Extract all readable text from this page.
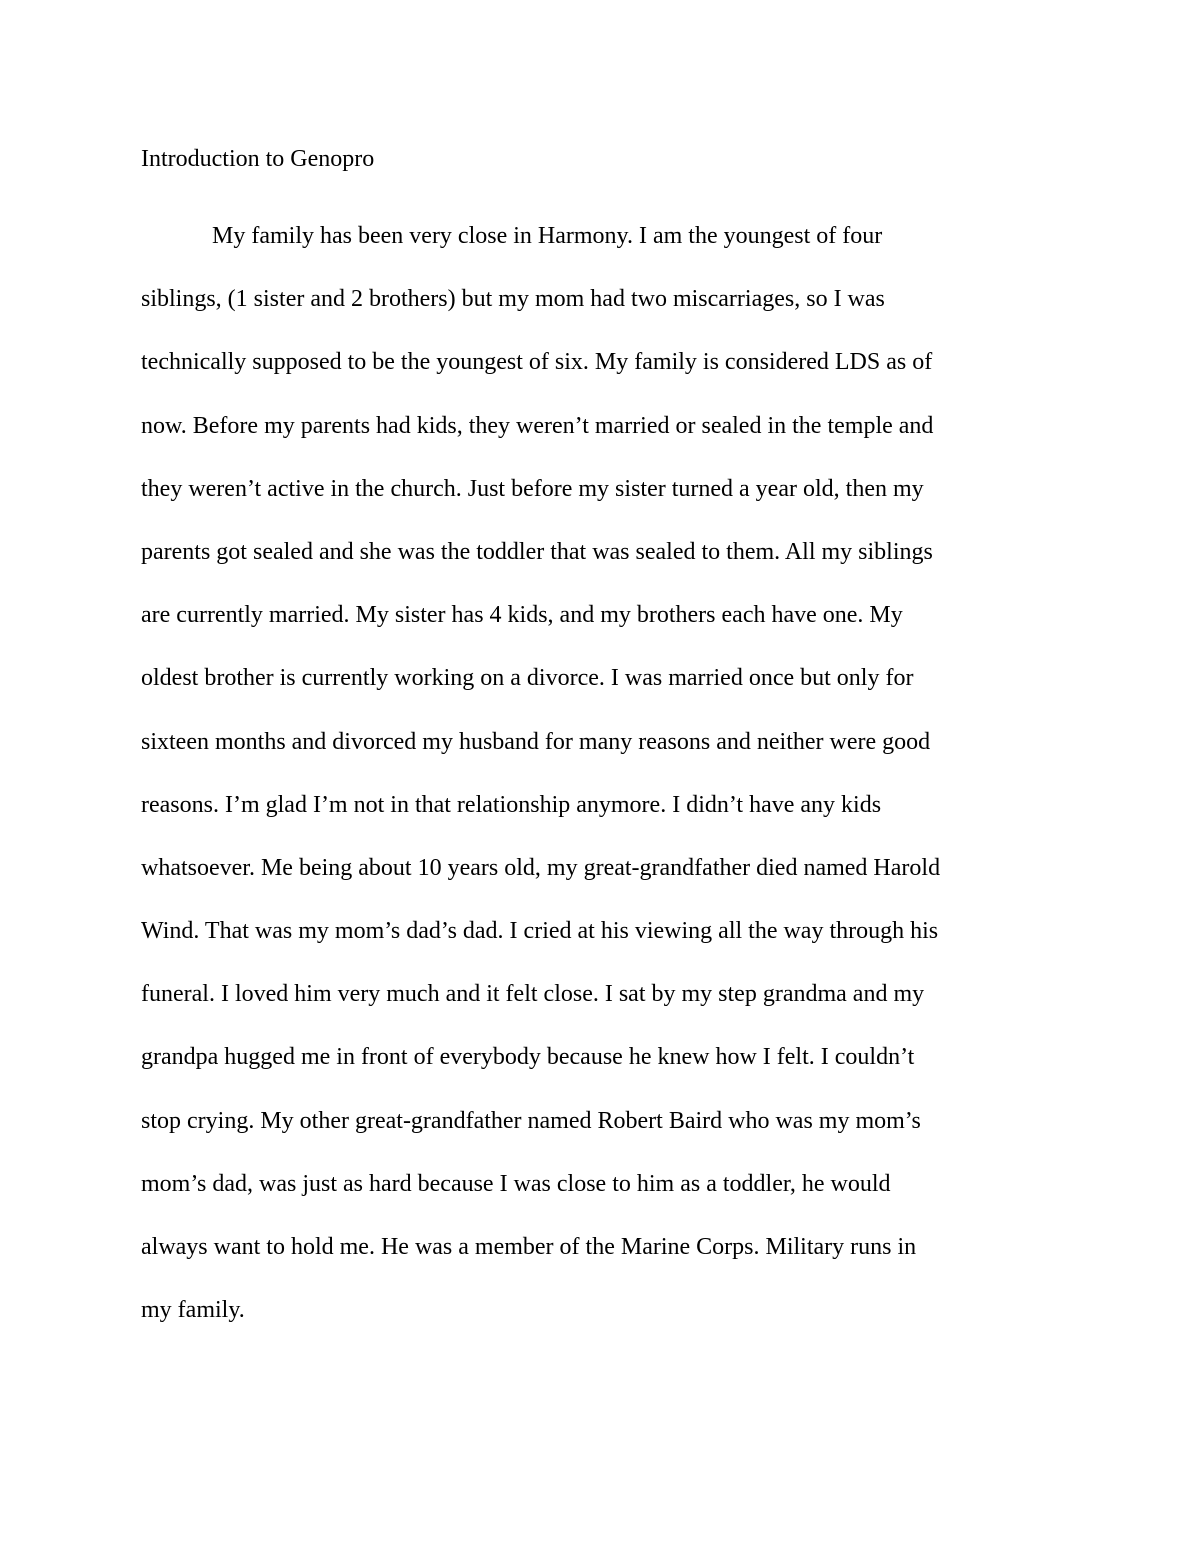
Introduction to Genopro
My family has been very close in Harmony. I am the youngest of four
siblings, (1 sister and 2 brothers) but my mom had two miscarriages, so I was
technically supposed to be the youngest of six. My family is considered LDS as of
now. Before my parents had kids, they weren’t married or sealed in the temple and
they weren’t active in the church. Just before my sister turned a year old, then my
parents got sealed and she was the toddler that was sealed to them. All my siblings
are currently married. My sister has 4 kids, and my brothers each have one. My
oldest brother is currently working on a divorce. I was married once but only for
sixteen months and divorced my husband for many reasons and neither were good
reasons. I’m glad I’m not in that relationship anymore. I didn’t have any kids
whatsoever. Me being about 10 years old, my great-grandfather died named Harold
Wind. That was my mom’s dad’s dad. I cried at his viewing all the way through his
funeral. I loved him very much and it felt close. I sat by my step grandma and my
grandpa hugged me in front of everybody because he knew how I felt. I couldn’t
stop crying. My other great-grandfather named Robert Baird who was my mom’s
mom’s dad, was just as hard because I was close to him as a toddler, he would
always want to hold me. He was a member of the Marine Corps. Military runs in
my family.
